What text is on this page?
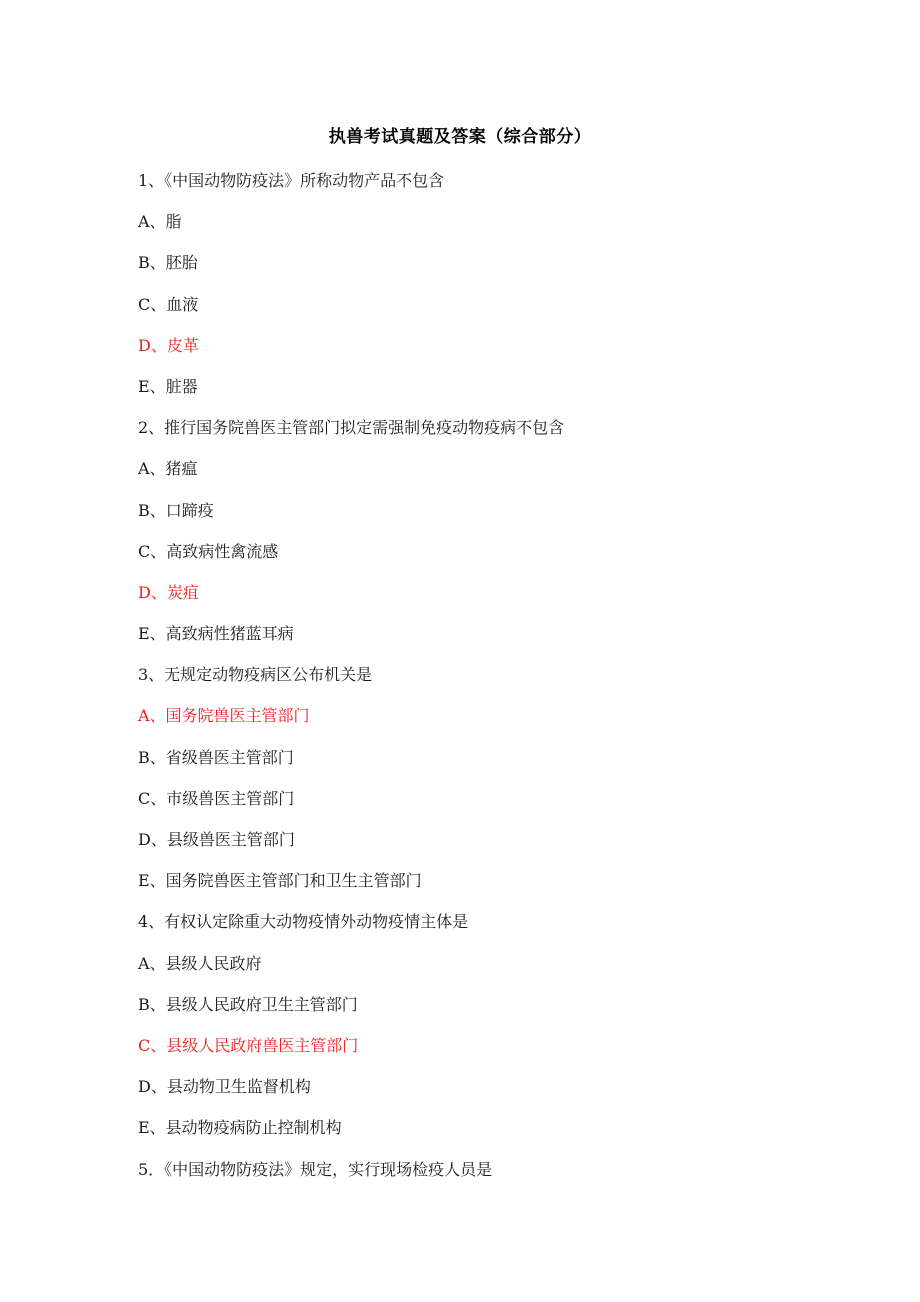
执兽考试真题及答案（综合部分）
1、《中国动物防疫法》所称动物产品不包含
A、脂
B、胚胎
C、血液
D、皮革
E、脏器
2、推行国务院兽医主管部门拟定需强制免疫动物疫病不包含
A、猪瘟
B、口蹄疫
C、高致病性禽流感
D、炭疽
E、高致病性猪蓝耳病
3、无规定动物疫病区公布机关是
A、国务院兽医主管部门
B、省级兽医主管部门
C、市级兽医主管部门
D、县级兽医主管部门
E、国务院兽医主管部门和卫生主管部门
4、有权认定除重大动物疫情外动物疫情主体是
A、县级人民政府
B、县级人民政府卫生主管部门
C、县级人民政府兽医主管部门
D、县动物卫生监督机构
E、县动物疫病防止控制机构
5．《中国动物防疫法》规定，实行现场检疫人员是
